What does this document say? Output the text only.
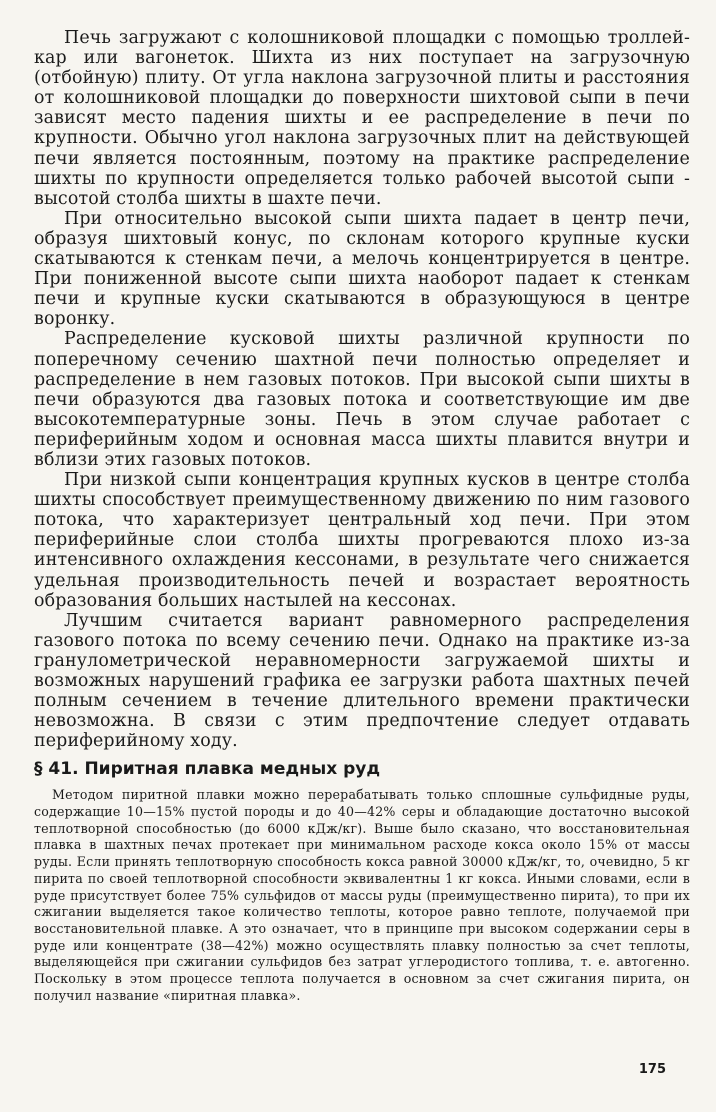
Печь загружают с колошниковой площадки с помощью троллей-кар или вагонеток. Шихта из них поступает на загрузочную (отбойную) плиту. От угла наклона загрузочной плиты и расстояния от колошниковой площадки до поверхности шихтовой сыпи в печи зависят место падения шихты и ее распределение в печи по крупности. Обычно угол наклона загрузочных плит на действующей печи является постоянным, поэтому на практике распределение шихты по крупности определяется только рабочей высотой сыпи - высотой столба шихты в шахте печи.

При относительно высокой сыпи шихта падает в центр печи, образуя шихтовый конус, по склонам которого крупные куски скатываются к стенкам печи, а мелочь концентрируется в центре. При пониженной высоте сыпи шихта наоборот падает к стенкам печи и крупные куски скатываются в образующуюся в центре воронку.

Распределение кусковой шихты различной крупности по поперечному сечению шахтной печи полностью определяет и распределение в нем газовых потоков. При высокой сыпи шихты в печи образуются два газовых потока и соответствующие им две высокотемпературные зоны. Печь в этом случае работает с периферийным ходом и основная масса шихты плавится внутри и вблизи этих газовых потоков.

При низкой сыпи концентрация крупных кусков в центре столба шихты способствует преимущественному движению по ним газового потока, что характеризует центральный ход печи. При этом периферийные слои столба шихты прогреваются плохо из-за интенсивного охлаждения кессонами, в результате чего снижается удельная производительность печей и возрастает вероятность образования больших настылей на кессонах.

Лучшим считается вариант равномерного распределения газового потока по всему сечению печи. Однако на практике из-за гранулометрической неравномерности загружаемой шихты и возможных нарушений графика ее загрузки работа шахтных печей полным сечением в течение длительного времени практически невозможна. В связи с этим предпочтение следует отдавать периферийному ходу.

§ 41. Пиритная плавка медных руд

Методом пиритной плавки можно перерабатывать только сплошные сульфидные руды, содержащие 10—15% пустой породы и до 40—42% серы и обладающие достаточно высокой теплотворной способностью (до 6000 кДж/кг). Выше было сказано, что восстановительная плавка в шахтных печах протекает при минимальном расходе кокса около 15% от массы руды. Если принять теплотворную способность кокса равной 30000 кДж/кг, то, очевидно, 5 кг пирита по своей теплотворной способности эквивалентны 1 кг кокса. Иными словами, если в руде присутствует более 75% сульфидов от массы руды (преимущественно пирита), то при их сжигании выделяется такое количество теплоты, которое равно теплоте, получаемой при восстановительной плавке. А это означает, что в принципе при высоком содержании серы в руде или концентрате (38—42%) можно осуществлять плавку полностью за счет теплоты, выделяющейся при сжигании сульфидов без затрат углеродистого топлива, т. е. автогенно. Поскольку в этом процессе теплота получается в основном за счет сжигания пирита, он получил название «пиритная плавка».

175
